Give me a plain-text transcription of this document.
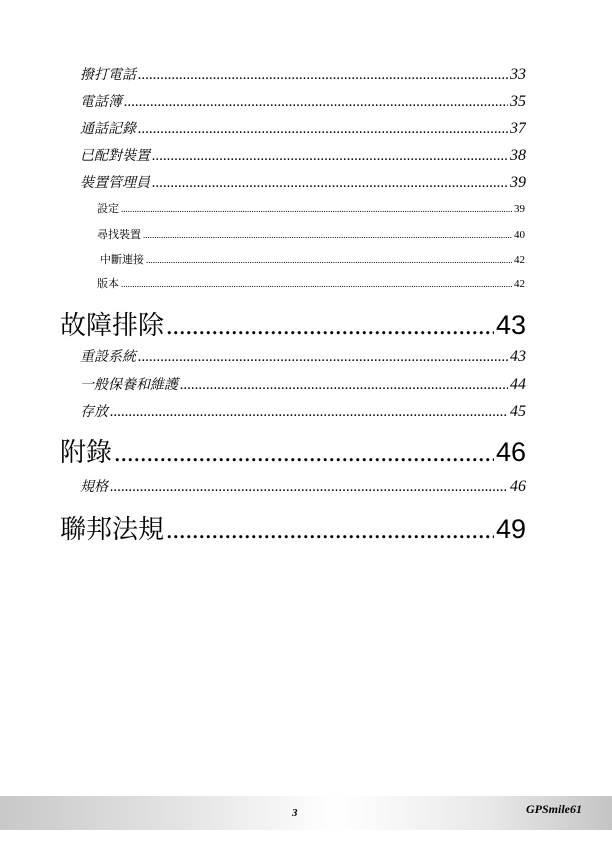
撥打電話 .....	33
電話簿 .....	35
通話記錄 .....	37
已配對裝置 .....	38
裝置管理員 .....	39
設定 .....	39
尋找裝置 .....	40
中斷連接 .....	42
版本 .....	42
故障排除 .....	43
重設系統 .....	43
一般保養和維護 .....	44
存放 .....	45
附錄 .....	46
規格 .....	46
聯邦法規 .....	49
3	GPSmile61
